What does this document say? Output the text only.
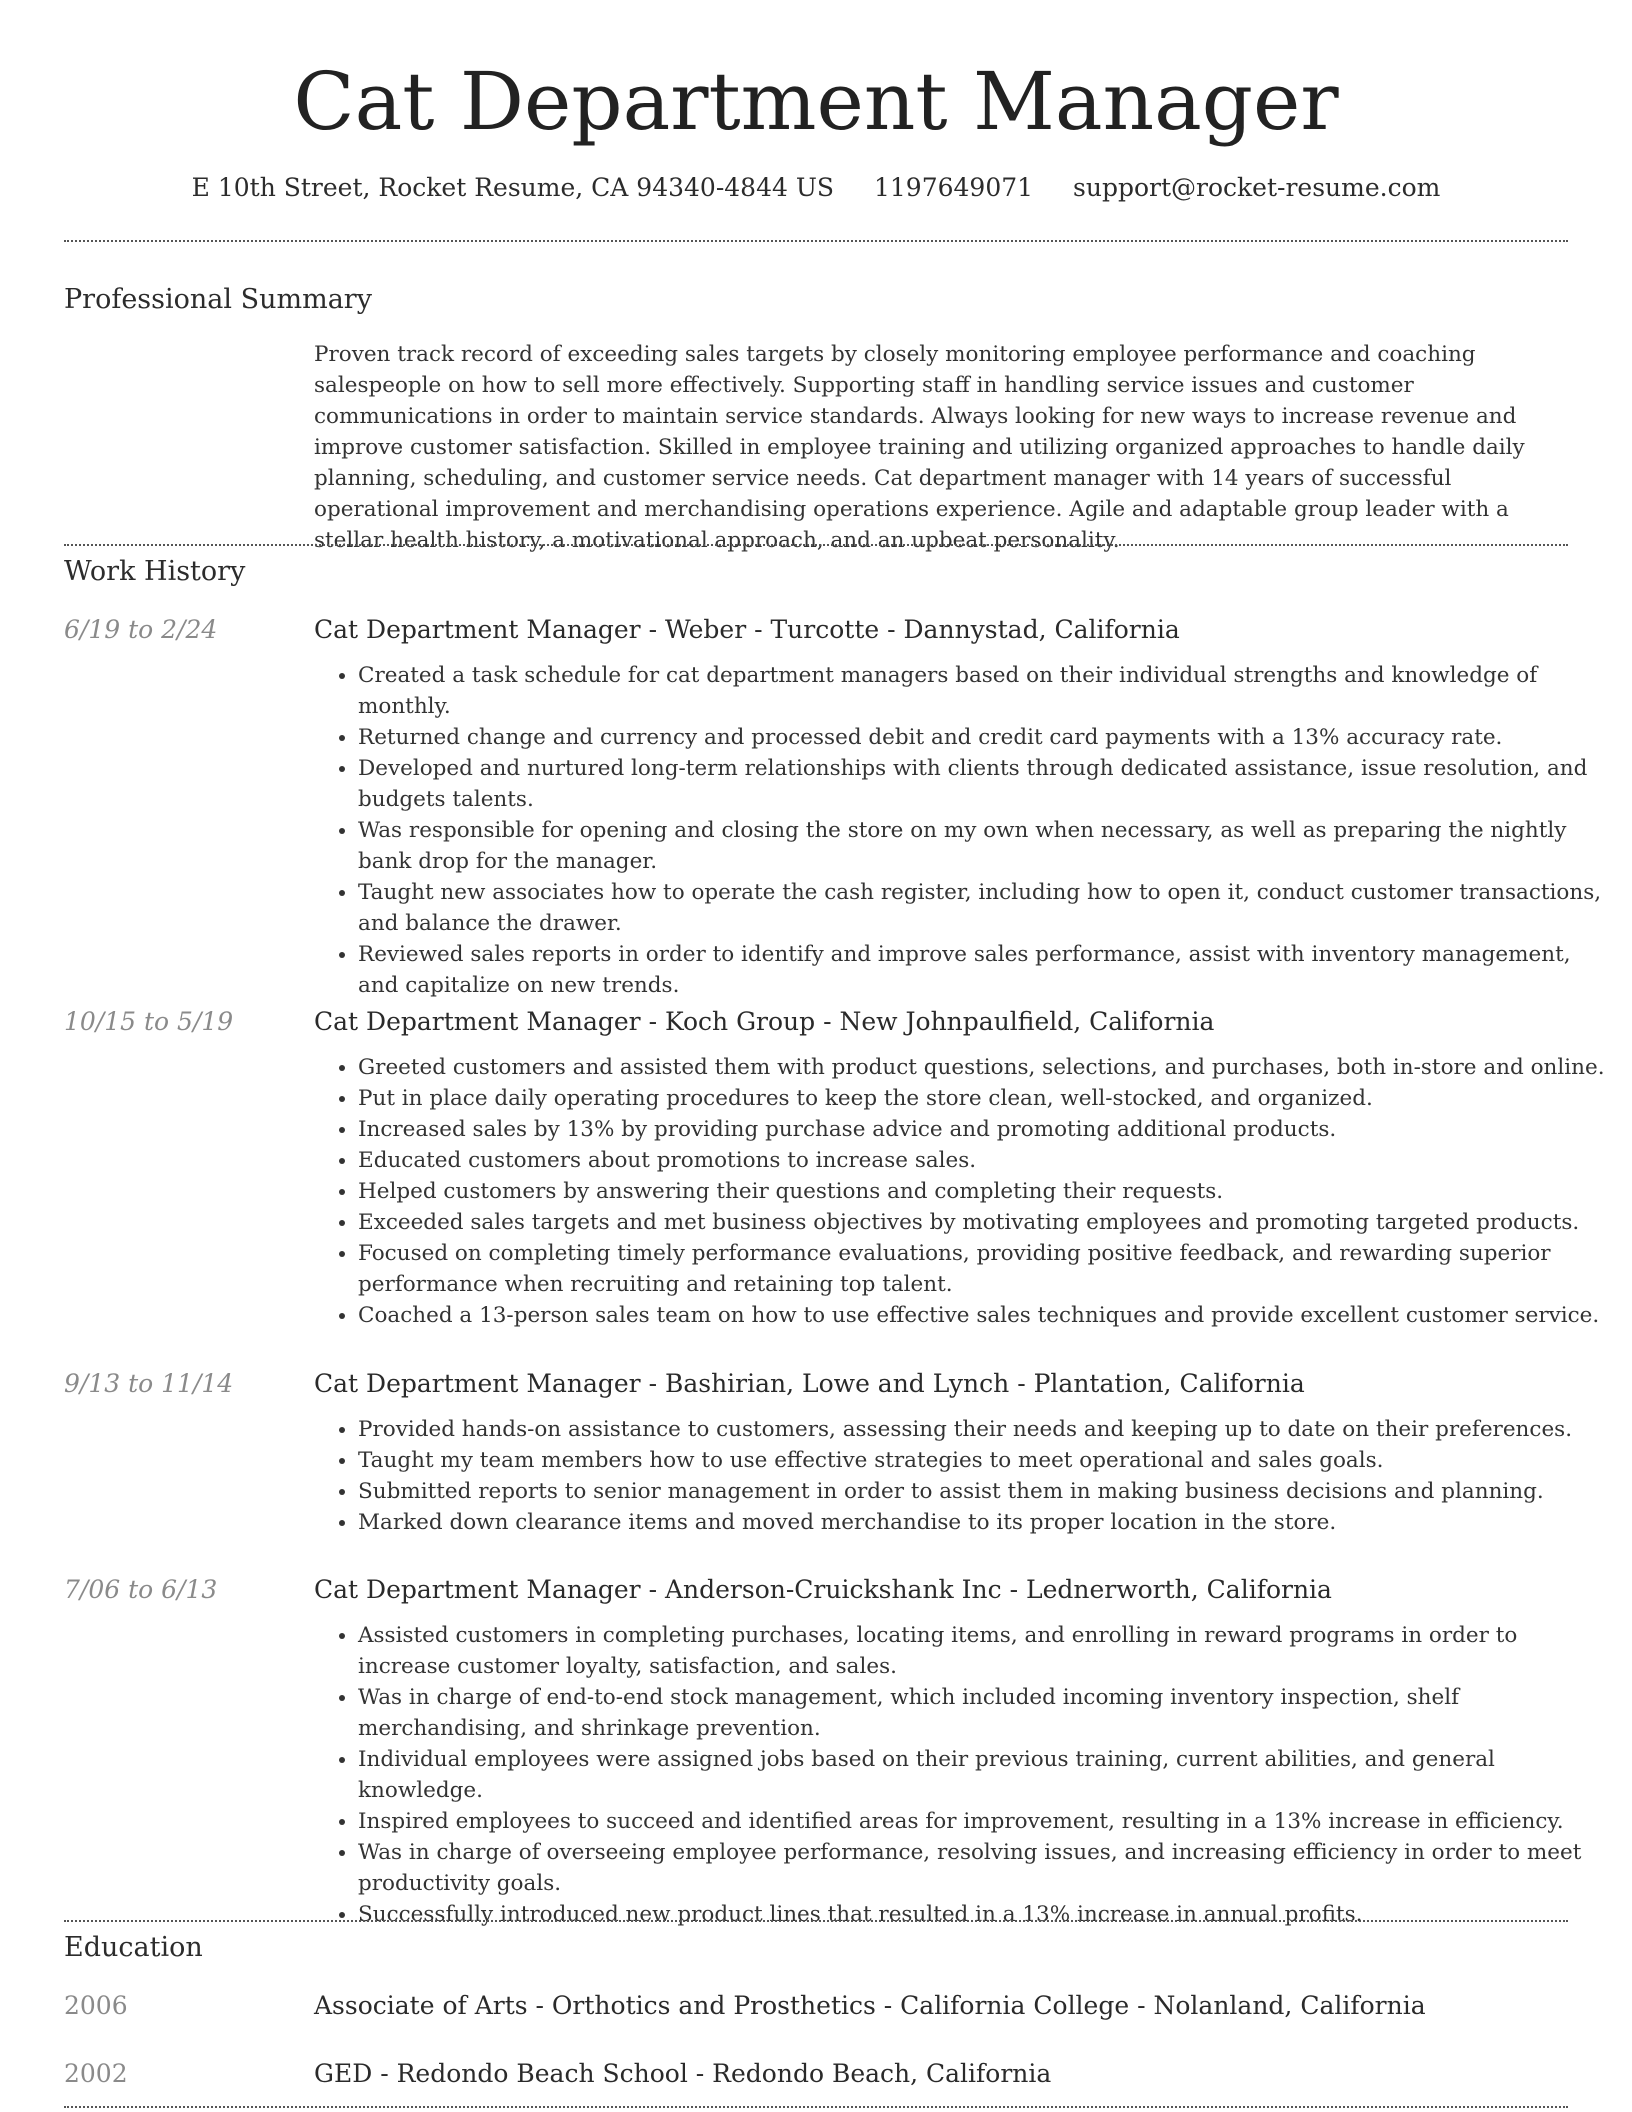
Cat Department Manager
E 10th Street, Rocket Resume, CA 94340-4844 US 1197649071 support@rocket-resume.com
Professional Summary
Proven track record of exceeding sales targets by closely monitoring employee performance and coaching salespeople on how to sell more effectively. Supporting staff in handling service issues and customer communications in order to maintain service standards. Always looking for new ways to increase revenue and improve customer satisfaction. Skilled in employee training and utilizing organized approaches to handle daily planning, scheduling, and customer service needs. Cat department manager with 14 years of successful operational improvement and merchandising operations experience. Agile and adaptable group leader with a stellar health history, a motivational approach, and an upbeat personality.
Work History
6/19 to 2/24	Cat Department Manager - Weber - Turcotte - Dannystad, California
• Created a task schedule for cat department managers based on their individual strengths and knowledge of monthly.
• Returned change and currency and processed debit and credit card payments with a 13% accuracy rate.
• Developed and nurtured long-term relationships with clients through dedicated assistance, issue resolution, and budgets talents.
• Was responsible for opening and closing the store on my own when necessary, as well as preparing the nightly bank drop for the manager.
• Taught new associates how to operate the cash register, including how to open it, conduct customer transactions, and balance the drawer.
• Reviewed sales reports in order to identify and improve sales performance, assist with inventory management, and capitalize on new trends.
10/15 to 5/19	Cat Department Manager - Koch Group - New Johnpaulfield, California
• Greeted customers and assisted them with product questions, selections, and purchases, both in-store and online.
• Put in place daily operating procedures to keep the store clean, well-stocked, and organized.
• Increased sales by 13% by providing purchase advice and promoting additional products.
• Educated customers about promotions to increase sales.
• Helped customers by answering their questions and completing their requests.
• Exceeded sales targets and met business objectives by motivating employees and promoting targeted products.
• Focused on completing timely performance evaluations, providing positive feedback, and rewarding superior performance when recruiting and retaining top talent.
• Coached a 13-person sales team on how to use effective sales techniques and provide excellent customer service.
9/13 to 11/14	Cat Department Manager - Bashirian, Lowe and Lynch - Plantation, California
• Provided hands-on assistance to customers, assessing their needs and keeping up to date on their preferences.
• Taught my team members how to use effective strategies to meet operational and sales goals.
• Submitted reports to senior management in order to assist them in making business decisions and planning.
• Marked down clearance items and moved merchandise to its proper location in the store.
7/06 to 6/13	Cat Department Manager - Anderson-Cruickshank Inc - Lednerworth, California
• Assisted customers in completing purchases, locating items, and enrolling in reward programs in order to increase customer loyalty, satisfaction, and sales.
• Was in charge of end-to-end stock management, which included incoming inventory inspection, shelf merchandising, and shrinkage prevention.
• Individual employees were assigned jobs based on their previous training, current abilities, and general knowledge.
• Inspired employees to succeed and identified areas for improvement, resulting in a 13% increase in efficiency.
• Was in charge of overseeing employee performance, resolving issues, and increasing efficiency in order to meet productivity goals.
• Successfully introduced new product lines that resulted in a 13% increase in annual profits.
Education
2006	Associate of Arts - Orthotics and Prosthetics - California College - Nolanland, California
2002	GED - Redondo Beach School - Redondo Beach, California
